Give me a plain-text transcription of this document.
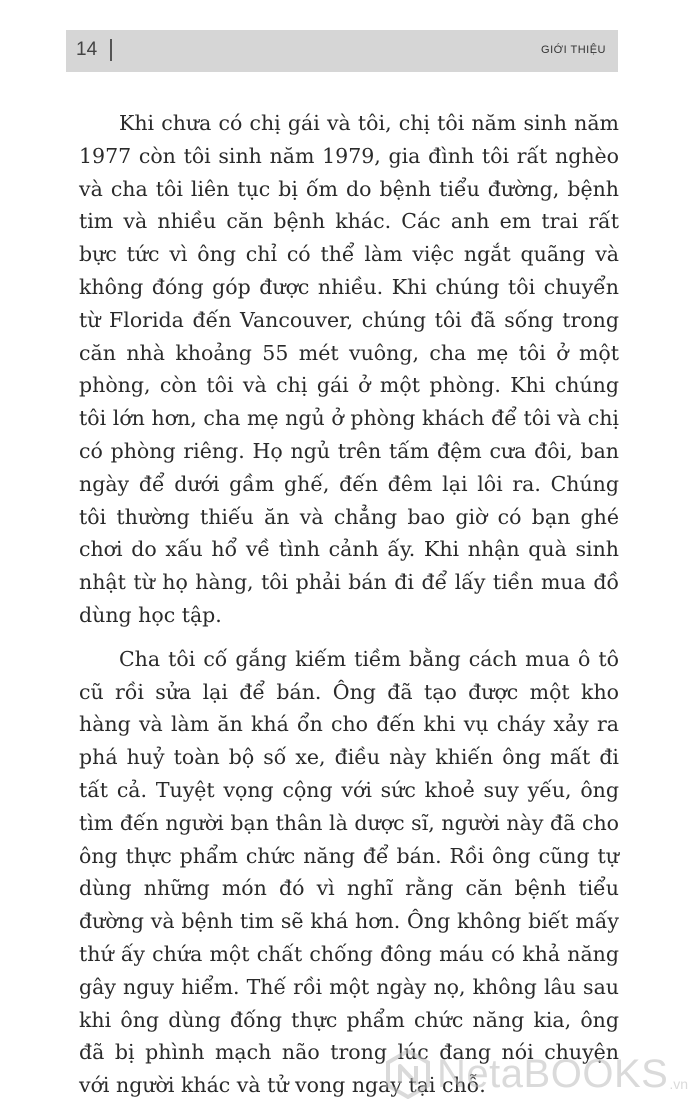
14	GIỚI THIỆU

Khi chưa có chị gái và tôi, chị tôi năm sinh năm 1977 còn tôi sinh năm 1979, gia đình tôi rất nghèo và cha tôi liên tục bị ốm do bệnh tiểu đường, bệnh tim và nhiều căn bệnh khác. Các anh em trai rất bực tức vì ông chỉ có thể làm việc ngắt quãng và không đóng góp được nhiều. Khi chúng tôi chuyển từ Florida đến Vancouver, chúng tôi đã sống trong căn nhà khoảng 55 mét vuông, cha mẹ tôi ở một phòng, còn tôi và chị gái ở một phòng. Khi chúng tôi lớn hơn, cha mẹ ngủ ở phòng khách để tôi và chị có phòng riêng. Họ ngủ trên tấm đệm cưa đôi, ban ngày để dưới gầm ghế, đến đêm lại lôi ra. Chúng tôi thường thiếu ăn và chẳng bao giờ có bạn ghé chơi do xấu hổ về tình cảnh ấy. Khi nhận quà sinh nhật từ họ hàng, tôi phải bán đi để lấy tiền mua đồ dùng học tập.

Cha tôi cố gắng kiếm tiềm bằng cách mua ô tô cũ rồi sửa lại để bán. Ông đã tạo được một kho hàng và làm ăn khá ổn cho đến khi vụ cháy xảy ra phá huỷ toàn bộ số xe, điều này khiến ông mất đi tất cả. Tuyệt vọng cộng với sức khoẻ suy yếu, ông tìm đến người bạn thân là dược sĩ, người này đã cho ông thực phẩm chức năng để bán. Rồi ông cũng tự dùng những món đó vì nghĩ rằng căn bệnh tiểu đường và bệnh tim sẽ khá hơn. Ông không biết mấy thứ ấy chứa một chất chống đông máu có khả năng gây nguy hiểm. Thế rồi một ngày nọ, không lâu sau khi ông dùng đống thực phẩm chức năng kia, ông đã bị phình mạch não trong lúc đang nói chuyện với người khác và tử vong ngay tại chỗ.

NetaBOOKS .vn
